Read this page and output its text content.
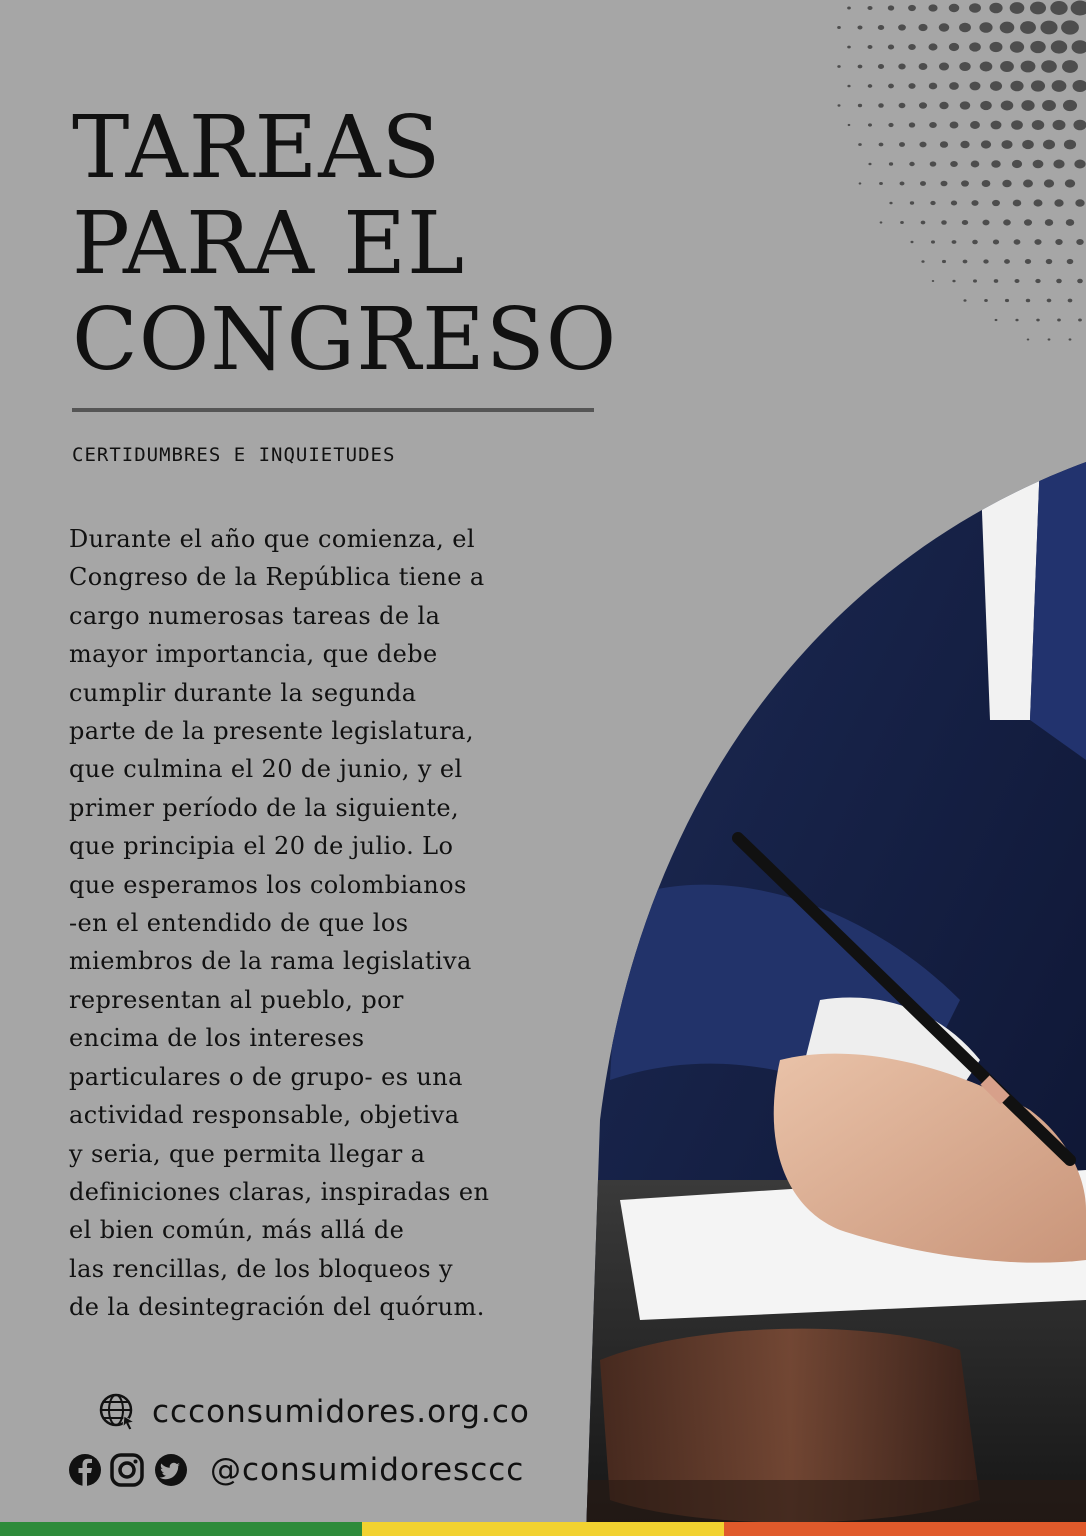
TAREAS
PARA EL
CONGRESO

CERTIDUMBRES E INQUIETUDES

Durante el año que comienza, el
Congreso de la República tiene a
cargo numerosas tareas de la
mayor importancia, que debe
cumplir durante la segunda
parte de la presente legislatura,
que culmina el 20 de junio, y el
primer período de la siguiente,
que principia el 20 de julio. Lo
que esperamos los colombianos
-en el entendido de que los
miembros de la rama legislativa
representan al pueblo, por
encima de los intereses
particulares o de grupo- es una
actividad responsable, objetiva
y seria, que permita llegar a
definiciones claras, inspiradas en
el bien común, más allá de
las rencillas, de los bloqueos y
de la desintegración del quórum.

ccconsumidores.org.co
@consumidoresccc
